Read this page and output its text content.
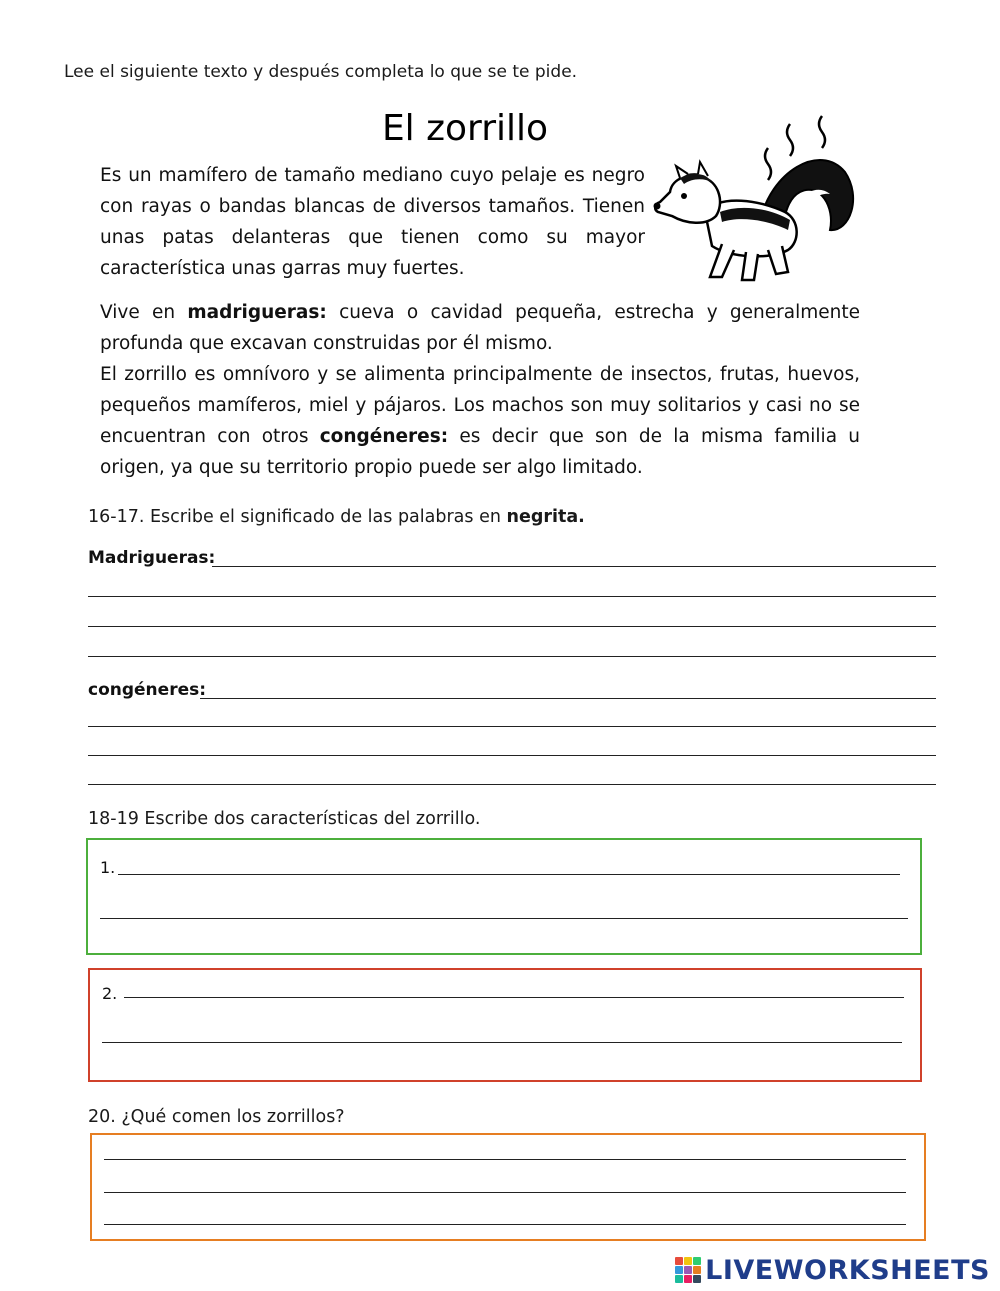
Lee el siguiente texto y después completa lo que se te pide.
El zorrillo
Es un mamífero de tamaño mediano cuyo pelaje es negro con rayas o bandas blancas de diversos tamaños. Tienen unas patas delanteras que tienen como su mayor característica unas garras muy fuertes.
Vive en madrigueras: cueva o cavidad pequeña, estrecha y generalmente profunda que excavan construidas por él mismo.
El zorrillo es omnívoro y se alimenta principalmente de insectos, frutas, huevos, pequeños mamíferos, miel y pájaros. Los machos son muy solitarios y casi no se encuentran con otros congéneres: es decir que son de la misma familia u origen, ya que su territorio propio puede ser algo limitado.
16-17. Escribe el significado de las palabras en negrita.
Madrigueras:
congéneres:
18-19 Escribe dos características del zorrillo.
1.
2.
20. ¿Qué comen los zorrillos?
LIVEWORKSHEETS
